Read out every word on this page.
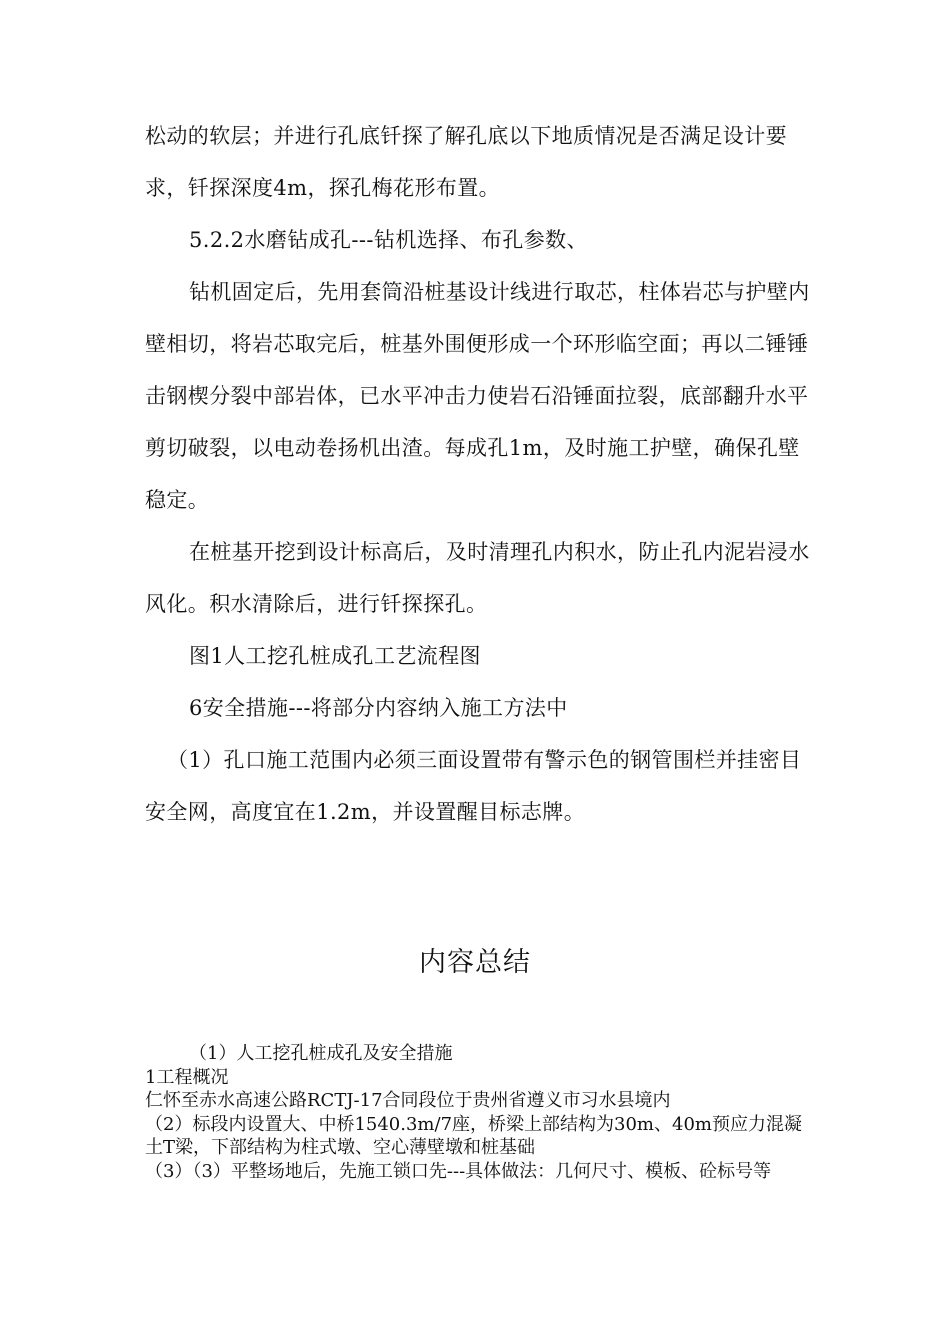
松动的软层；并进行孔底钎探了解孔底以下地质情况是否满足设计要求，钎探深度4m，探孔梅花形布置。

5.2.2水磨钻成孔---钻机选择、布孔参数、

钻机固定后，先用套筒沿桩基设计线进行取芯，柱体岩芯与护壁内壁相切，将岩芯取完后，桩基外围便形成一个环形临空面；再以二锤锤击钢楔分裂中部岩体，已水平冲击力使岩石沿锤面拉裂，底部翻升水平剪切破裂，以电动卷扬机出渣。每成孔1m，及时施工护壁，确保孔壁稳定。

在桩基开挖到设计标高后，及时清理孔内积水，防止孔内泥岩浸水风化。积水清除后，进行钎探探孔。

图1人工挖孔桩成孔工艺流程图

6安全措施---将部分内容纳入施工方法中

（1）孔口施工范围内必须三面设置带有警示色的钢管围栏并挂密目安全网，高度宜在1.2m，并设置醒目标志牌。

内容总结

（1）人工挖孔桩成孔及安全措施

1工程概况

仁怀至赤水高速公路RCTJ-17合同段位于贵州省遵义市习水县境内

（2）标段内设置大、中桥1540.3m/7座，桥梁上部结构为30m、40m预应力混凝土T梁，下部结构为柱式墩、空心薄壁墩和桩基础

（3）（3）平整场地后，先施工锁口先---具体做法：几何尺寸、模板、砼标号等
